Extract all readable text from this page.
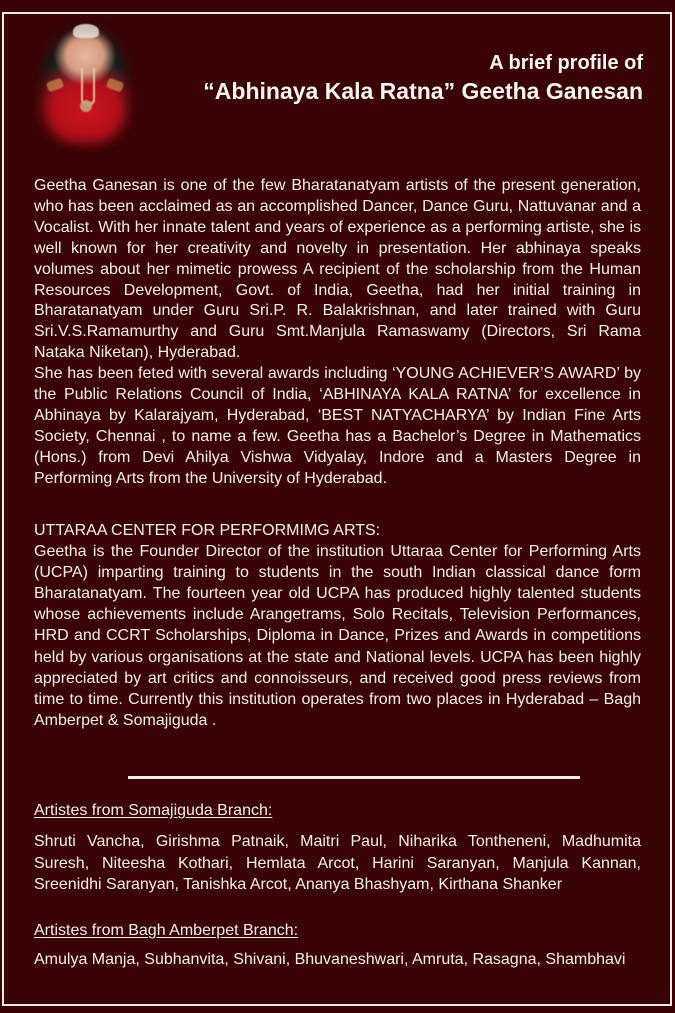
A brief profile of
“Abhinaya Kala Ratna” Geetha Ganesan

Geetha Ganesan is one of the few Bharatanatyam artists of the present generation, who has been acclaimed as an accomplished Dancer, Dance Guru, Nattuvanar and a Vocalist. With her innate talent and years of experience as a performing artiste, she is well known for her creativity and novelty in presentation. Her abhinaya speaks volumes about her mimetic prowess A recipient of the scholarship from the Human Resources Development, Govt. of India, Geetha, had her initial training in Bharatanatyam under Guru Sri.P. R. Balakrishnan, and later trained with Guru Sri.V.S.Ramamurthy and Guru Smt.Manjula Ramaswamy (Directors, Sri Rama Nataka Niketan), Hyderabad.

She has been feted with several awards including ‘YOUNG ACHIEVER’S AWARD’ by the Public Relations Council of India, ‘ABHINAYA KALA RATNA’ for excellence in Abhinaya by Kalarajyam, Hyderabad, ‘BEST NATYACHARYA’ by Indian Fine Arts Society, Chennai , to name a few. Geetha has a Bachelor’s Degree in Mathematics (Hons.) from Devi Ahilya Vishwa Vidyalay, Indore and a Masters Degree in Performing Arts from the University of Hyderabad.

UTTARAA CENTER FOR PERFORMIMG ARTS:

Geetha is the Founder Director of the institution Uttaraa Center for Performing Arts (UCPA) imparting training to students in the south Indian classical dance form Bharatanatyam. The fourteen year old UCPA has produced highly talented students whose achievements include Arangetrams, Solo Recitals, Television Performances, HRD and CCRT Scholarships, Diploma in Dance, Prizes and Awards in competitions held by various organisations at the state and National levels. UCPA has been highly appreciated by art critics and connoisseurs, and received good press reviews from time to time. Currently this institution operates from two places in Hyderabad – Bagh Amberpet & Somajiguda .

Artistes from Somajiguda Branch:

Shruti Vancha, Girishma Patnaik, Maitri Paul, Niharika Tontheneni, Madhumita Suresh, Niteesha Kothari, Hemlata Arcot, Harini Saranyan, Manjula Kannan, Sreenidhi Saranyan, Tanishka Arcot, Ananya Bhashyam, Kirthana Shanker

Artistes from Bagh Amberpet Branch:

Amulya Manja, Subhanvita, Shivani, Bhuvaneshwari, Amruta, Rasagna, Shambhavi
